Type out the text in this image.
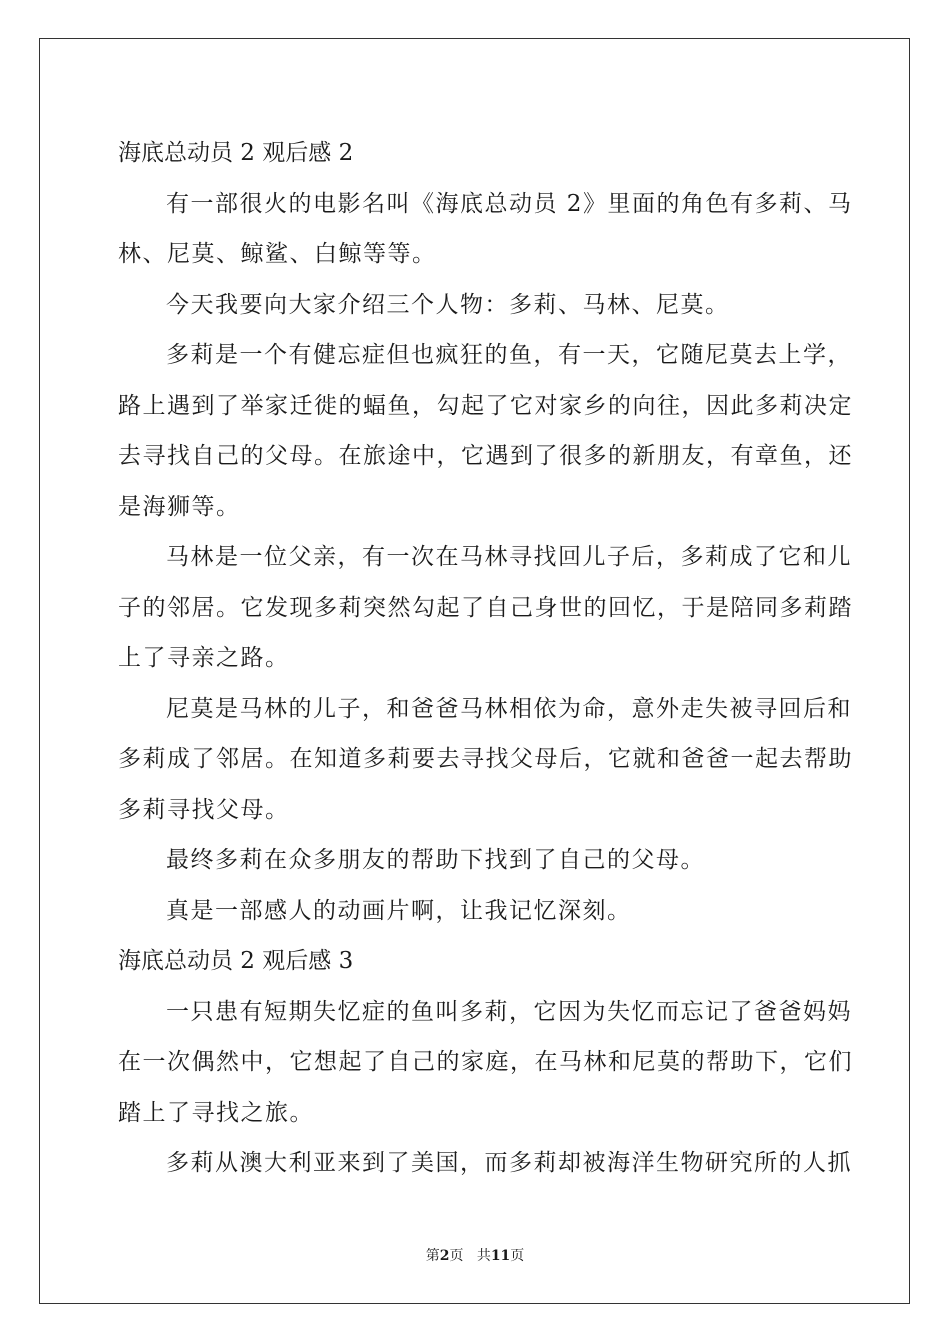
海底总动员 2 观后感 2
有一部很火的电影名叫《海底总动员 2》里面的角色有多莉、马
林、尼莫、鲸鲨、白鲸等等。
今天我要向大家介绍三个人物：多莉、马林、尼莫。
多莉是一个有健忘症但也疯狂的鱼，有一天，它随尼莫去上学，
路上遇到了举家迁徙的蝠鱼，勾起了它对家乡的向往，因此多莉决定
去寻找自己的父母。在旅途中，它遇到了很多的新朋友，有章鱼，还
是海狮等。
马林是一位父亲，有一次在马林寻找回儿子后，多莉成了它和儿
子的邻居。它发现多莉突然勾起了自己身世的回忆，于是陪同多莉踏
上了寻亲之路。
尼莫是马林的儿子，和爸爸马林相依为命，意外走失被寻回后和
多莉成了邻居。在知道多莉要去寻找父母后，它就和爸爸一起去帮助
多莉寻找父母。
最终多莉在众多朋友的帮助下找到了自己的父母。
真是一部感人的动画片啊，让我记忆深刻。
海底总动员 2 观后感 3
一只患有短期失忆症的鱼叫多莉，它因为失忆而忘记了爸爸妈妈
在一次偶然中，它想起了自己的家庭，在马林和尼莫的帮助下，它们
踏上了寻找之旅。
多莉从澳大利亚来到了美国，而多莉却被海洋生物研究所的人抓
第2页 共11页
